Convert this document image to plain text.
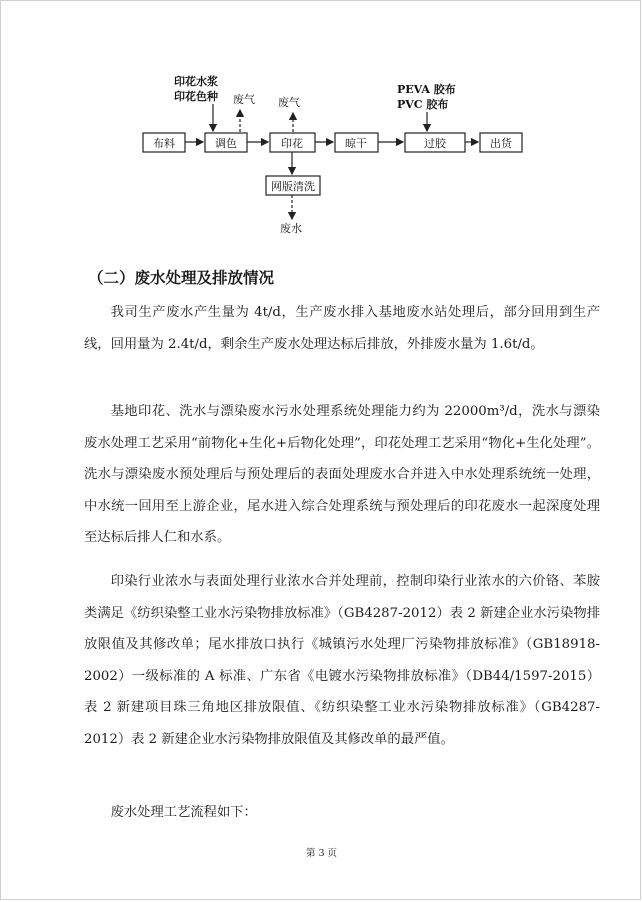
印花水浆
印花色种
PEVA 胶布
PVC 胶布
废气 废气
布料	调色	印花	晾干	过胶	出货
网版清洗
废水
（二）废水处理及排放情况

我司生产废水产生量为 4t/d，生产废水排入基地废水站处理后，部分回用到生产线，回用量为 2.4t/d，剩余生产废水处理达标后排放，外排废水量为 1.6t/d。

基地印花、洗水与漂染废水污水处理系统处理能力约为 22000m³/d，洗水与漂染废水处理工艺采用“前物化+生化+后物化处理”，印花处理工艺采用“物化+生化处理”。洗水与漂染废水预处理后与预处理后的表面处理废水合并进入中水处理系统统一处理，中水统一回用至上游企业，尾水进入综合处理系统与预处理后的印花废水一起深度处理至达标后排人仁和水系。

印染行业浓水与表面处理行业浓水合并处理前，控制印染行业浓水的六价铬、苯胺类满足《纺织染整工业水污染物排放标准》（GB4287-2012）表 2 新建企业水污染物排放限值及其修改单；尾水排放口执行《城镇污水处理厂污染物排放标准》（GB18918-2002）一级标准的 A 标准、广东省《电镀水污染物排放标准》（DB44/1597-2015）表 2 新建项目珠三角地区排放限值、《纺织染整工业水污染物排放标准》（GB4287-2012）表 2 新建企业水污染物排放限值及其修改单的最严值。

废水处理工艺流程如下：

第 3 页
